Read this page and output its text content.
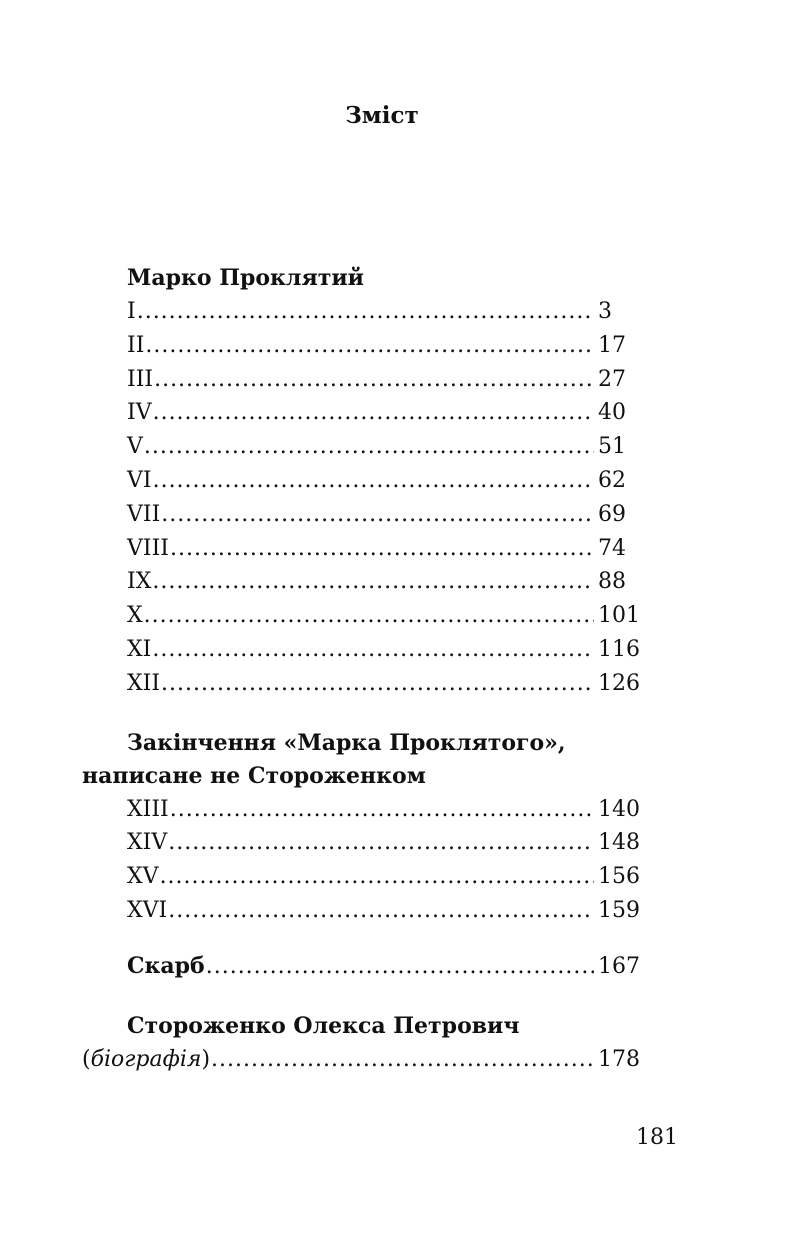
Зміст
Марко Проклятий
I .....	3
II .....	17
III .....	27
IV .....	40
V .....	51
VI .....	62
VII .....	69
VIII .....	74
IX .....	88
X .....	101
XI .....	116
XII .....	126
Закінчення «Марка Проклятого», написане не Стороженком
XIII .....	140
XIV .....	148
XV .....	156
XVI .....	159
Скарб .....	167
Стороженко Олекса Петрович
(біографія) .....	178
181
